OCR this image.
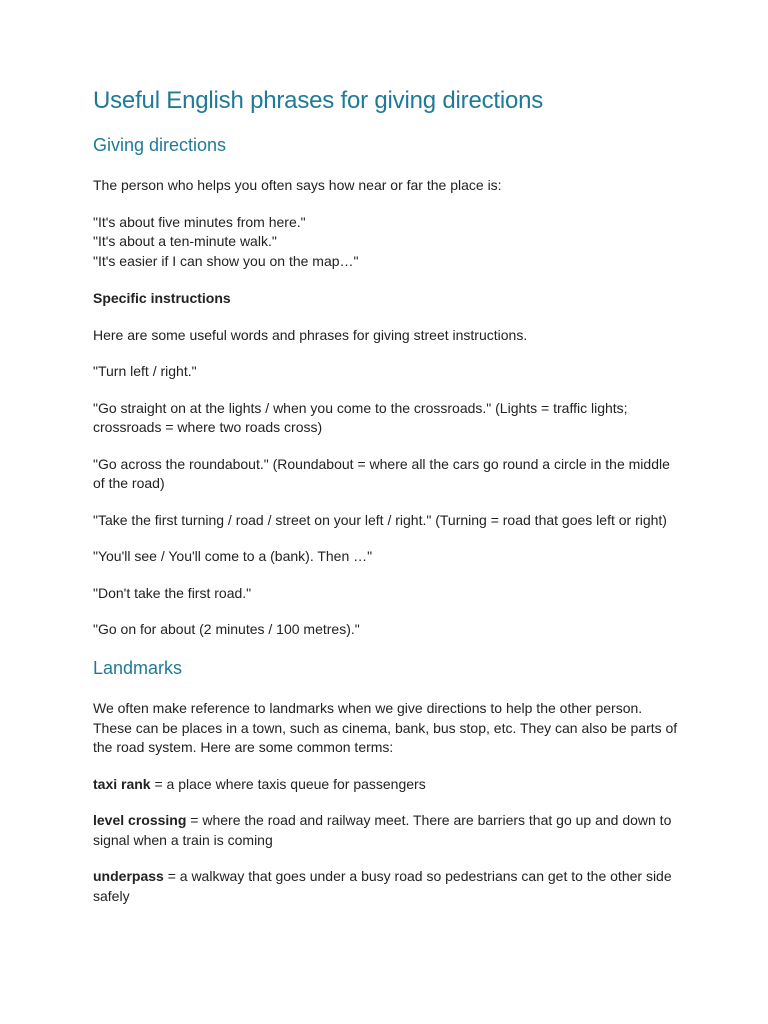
Useful English phrases for giving directions
Giving directions

The person who helps you often says how near or far the place is:

"It's about five minutes from here."
"It's about a ten-minute walk."
"It's easier if I can show you on the map…"
Specific instructions

Here are some useful words and phrases for giving street instructions.

"Turn left / right."

"Go straight on at the lights / when you come to the crossroads." (Lights = traffic lights; crossroads = where two roads cross)

"Go across the roundabout." (Roundabout = where all the cars go round a circle in the middle of the road)

"Take the first turning / road / street on your left / right." (Turning = road that goes left or right)

"You'll see / You'll come to a (bank). Then …"

"Don't take the first road."

"Go on for about (2 minutes / 100 metres)."

Landmarks

We often make reference to landmarks when we give directions to help the other person. These can be places in a town, such as cinema, bank, bus stop, etc. They can also be parts of the road system. Here are some common terms:

taxi rank = a place where taxis queue for passengers

level crossing = where the road and railway meet. There are barriers that go up and down to signal when a train is coming

underpass = a walkway that goes under a busy road so pedestrians can get to the other side safely
